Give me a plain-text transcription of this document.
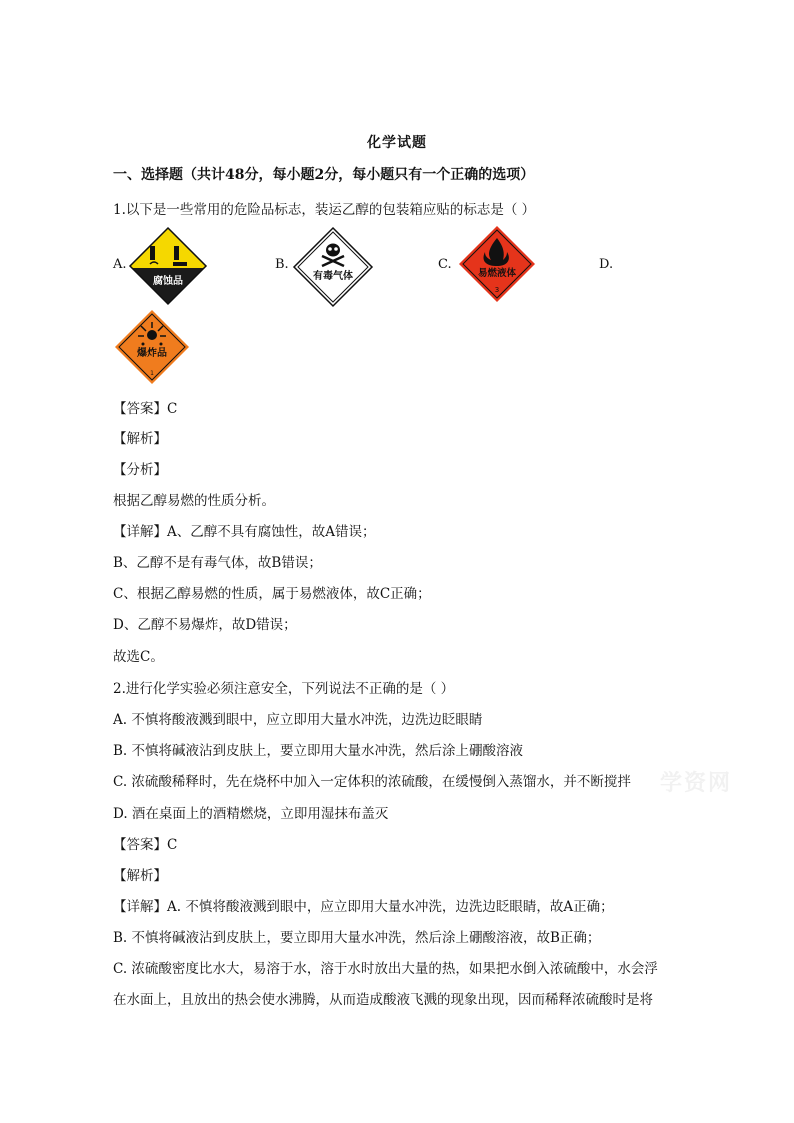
化学试题
一、选择题（共计48分，每小题2分，每小题只有一个正确的选项）
1.以下是一些常用的危险品标志，装运乙醇的包装箱应贴的标志是（ ）
A.
腐蚀品
B.
有毒气体
C.
易燃液体
3
D.
爆炸品
1
【答案】C
【解析】
【分析】
根据乙醇易燃的性质分析。
【详解】A、乙醇不具有腐蚀性，故A错误；
B、乙醇不是有毒气体，故B错误；
C、根据乙醇易燃的性质，属于易燃液体，故C正确；
D、乙醇不易爆炸，故D错误；
故选C。
2.进行化学实验必须注意安全，下列说法不正确的是（ ）
A. 不慎将酸液溅到眼中，应立即用大量水冲洗，边洗边眨眼睛
B. 不慎将碱液沾到皮肤上，要立即用大量水冲洗，然后涂上硼酸溶液
C. 浓硫酸稀释时，先在烧杯中加入一定体积的浓硫酸，在缓慢倒入蒸馏水，并不断搅拌
D. 酒在桌面上的酒精燃烧，立即用湿抹布盖灭
学资网
【答案】C
【解析】
【详解】A. 不慎将酸液溅到眼中，应立即用大量水冲洗，边洗边眨眼睛，故A正确；
B. 不慎将碱液沾到皮肤上，要立即用大量水冲洗，然后涂上硼酸溶液，故B正确；
C. 浓硫酸密度比水大，易溶于水，溶于水时放出大量的热，如果把水倒入浓硫酸中，水会浮
在水面上，且放出的热会使水沸腾，从而造成酸液飞溅的现象出现，因而稀释浓硫酸时是将
